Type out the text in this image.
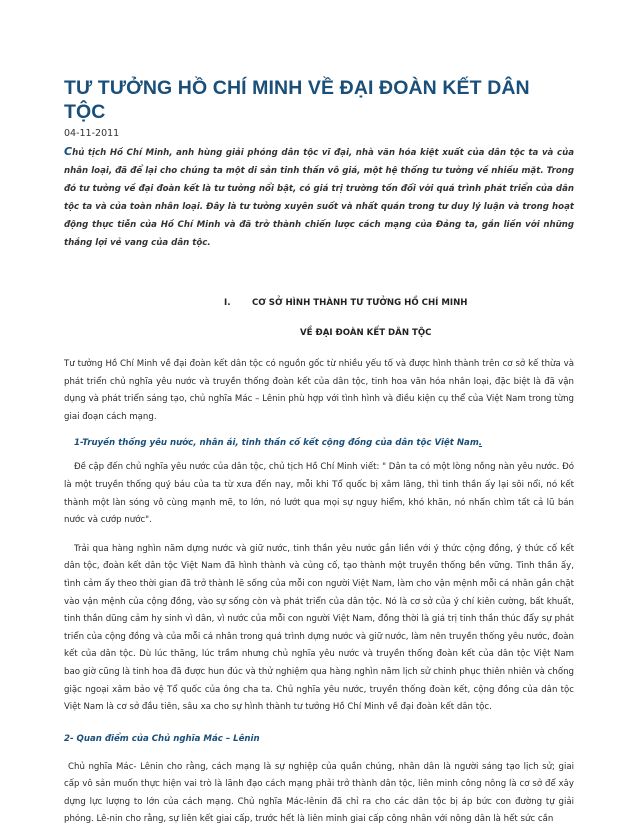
TƯ TƯỞNG HỒ CHÍ MINH VỀ ĐẠI ĐOÀN KẾT DÂN TỘC
04-11-2011
Chủ tịch Hồ Chí Minh, anh hùng giải phóng dân tộc vĩ đại, nhà văn hóa kiệt xuất của dân tộc ta và của nhân loại, đã để lại cho chúng ta một di sản tinh thần vô giá, một hệ thống tư tưởng về nhiều mặt. Trong đó tư tưởng về đại đoàn kết là tư tưởng nổi bật, có giá trị trường tồn đối với quá trình phát triển của dân tộc ta và của toàn nhân loại. Đây là tư tưởng xuyên suốt và nhất quán trong tư duy lý luận và trong hoạt động thực tiễn của Hồ Chí Minh và đã trở thành chiến lược cách mạng của Đảng ta, gắn liền với những thắng lợi vẻ vang của dân tộc.
I.	CƠ SỞ HÌNH THÀNH TƯ TƯỞNG HỒ CHÍ MINH
VỀ ĐẠI ĐOÀN KẾT DÂN TỘC

Tư tưởng Hồ Chí Minh về đại đoàn kết dân tộc có nguồn gốc từ nhiều yếu tố và được hình thành trên cơ sở kế thừa và phát triển chủ nghĩa yêu nước và truyền thống đoàn kết của dân tộc, tinh hoa văn hóa nhân loại, đặc biệt là đã vận dụng và phát triển sáng tạo, chủ nghĩa Mác – Lênin phù hợp với tình hình và điều kiện cụ thể của Việt Nam trong từng giai đoạn cách mạng.

1-Truyền thống yêu nước, nhân ái, tinh thần cố kết cộng đồng của dân tộc Việt Nam.

Đề cập đến chủ nghĩa yêu nước của dân tộc, chủ tịch Hồ Chí Minh viết: " Dân ta có một lòng nồng nàn yêu nước. Đó là một truyền thống quý báu của ta từ xưa đến nay, mỗi khi Tổ quốc bị xâm lăng, thì tinh thần ấy lại sôi nổi, nó kết thành một làn sóng vô cùng mạnh mẽ, to lớn, nó lướt qua mọi sự nguy hiểm, khó khăn, nó nhấn chìm tất cả lũ bán nước và cướp nước".

Trải qua hàng nghìn năm dựng nước và giữ nước, tinh thần yêu nước gắn liền với ý thức cộng đồng, ý thức cố kết dân tộc, đoàn kết dân tộc Việt Nam đã hình thành và củng cố, tạo thành một truyền thống bền vững. Tinh thần ấy, tình cảm ấy theo thời gian đã trở thành lẽ sống của mỗi con người Việt Nam, làm cho vận mệnh mỗi cá nhân gắn chặt vào vận mệnh của cộng đồng, vào sự sống còn và phát triển của dân tộc. Nó là cơ sở của ý chí kiên cường, bất khuất, tinh thần dũng cảm hy sinh vì dân, vì nước của mỗi con người Việt Nam, đồng thời là giá trị tinh thần thúc đẩy sự phát triển của cộng đồng và của mỗi cá nhân trong quá trình dựng nước và giữ nước, làm nên truyền thống yêu nước, đoàn kết của dân tộc. Dù lúc thăng, lúc trầm nhưng chủ nghĩa yêu nước và truyền thống đoàn kết của dân tộc Việt Nam bao giờ cũng là tinh hoa đã được hun đúc và thử nghiệm qua hàng nghìn năm lịch sử chinh phục thiên nhiên và chống giặc ngoại xâm bảo vệ Tổ quốc của ông cha ta. Chủ nghĩa yêu nước, truyền thống đoàn kết, cộng đồng của dân tộc Việt Nam là cơ sở đầu tiên, sâu xa cho sự hình thành tư tưởng Hồ Chí Minh về đại đoàn kết dân tộc.

2- Quan điểm của Chủ nghĩa Mác – Lênin

Chủ nghĩa Mác- Lênin cho rằng, cách mạng là sự nghiệp của quần chúng, nhân dân là người sáng tạo lịch sử; giai cấp vô sản muốn thực hiện vai trò là lãnh đạo cách mạng phải trở thành dân tộc, liên minh công nông là cơ sở để xây dựng lực lượng to lớn của cách mạng. Chủ nghĩa Mác-lênin đã chỉ ra cho các dân tộc bị áp bức con đường tự giải phóng. Lê-nin cho rằng, sự liên kết giai cấp, trước hết là liên minh giai cấp công nhân với nông dân là hết sức cần
